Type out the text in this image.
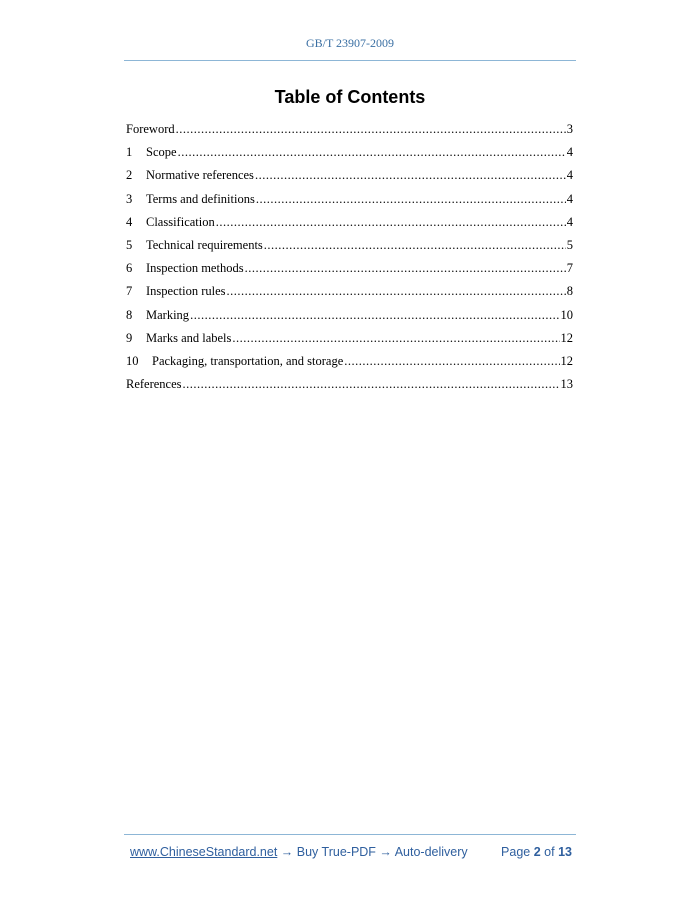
GB/T 23907-2009
Table of Contents
Foreword .....	3
1	Scope .....	4
2	Normative references .....	4
3	Terms and definitions .....	4
4	Classification .....	4
5	Technical requirements .....	5
6	Inspection methods .....	7
7	Inspection rules .....	8
8	Marking .....	10
9	Marks and labels .....	12
10	Packaging, transportation, and storage .....	12
References .....	13
www.ChineseStandard.net → Buy True-PDF → Auto-delivery	Page 2 of 13
